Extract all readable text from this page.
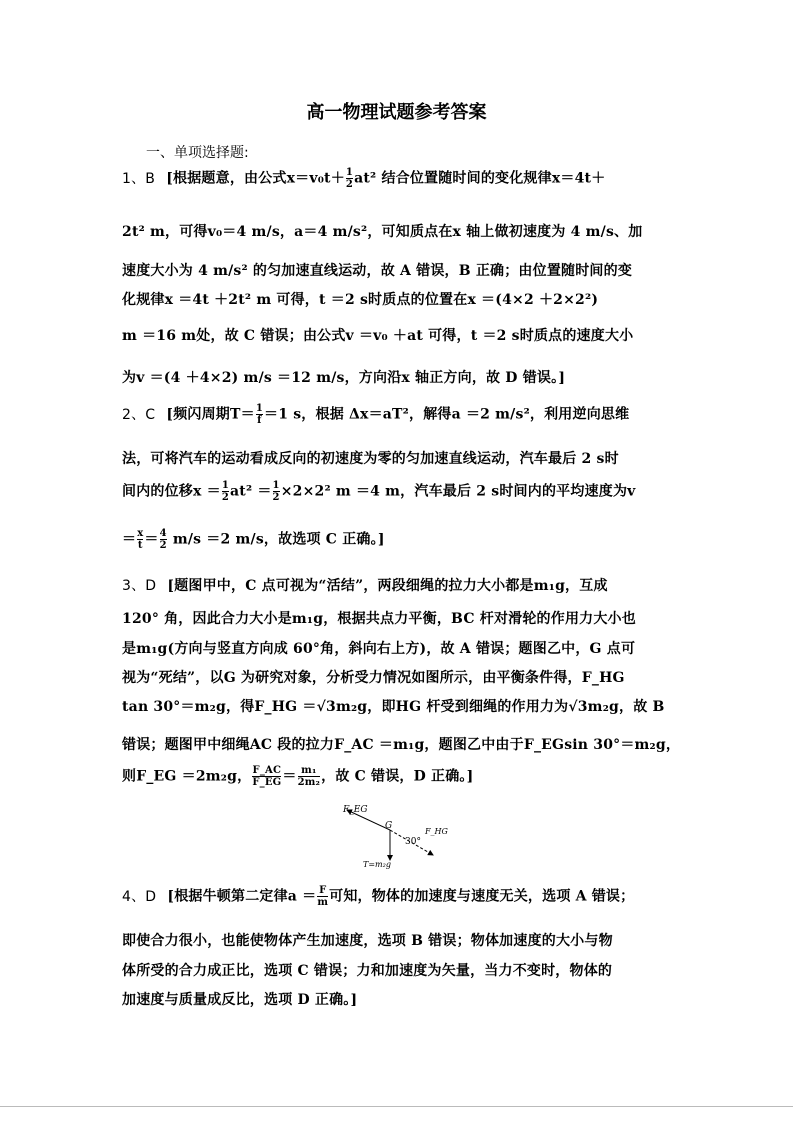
高一物理试题参考答案
一、单项选择题:
1、B [根据题意，由公式$x=v_0t+ \frac{1}{2} at^2$ 结合位置随时间的变化规律x＝4t＋
2t² m，可得v₀＝4 m/s，a＝4 m/s²，可知质点在x 轴上做初速度为 4 m/s、加
速度大小为 4 m/s² 的匀加速直线运动，故 A 错误，B 正确；由位置随时间的变
化规律x ＝4t ＋2t² m 可得，t ＝2 s时质点的位置在x ＝(4×2 ＋2×2²)
m ＝16 m处，故 C 错误；由公式v ＝v₀ ＋at 可得，t ＝2 s时质点的速度大小
为v ＝(4 ＋4×2) m/s ＝12 m/s，方向沿x 轴正方向，故 D 错误。]
2、C [频闪周期$T= \frac{1}{f} =1$ s，根据 Δx＝aT²，解得a ＝2 m/s²，利用逆向思维
法，可将汽车的运动看成反向的初速度为零的匀加速直线运动，汽车最后 2 s时
间内的位移$x = \frac{1}{2} at^2 = \frac{1}{2} \times 2\times 2^2$ m ＝4 m，汽车最后 2 s时间内的平均速度为v
＝ $\frac{x}{t} = \frac{4}{2} m/s =2$ m/s，故选项 C 正确。]
3、D [题图甲中，C 点可视为“活结”，两段细绳的拉力大小都是m₁g，互成
120° 角，因此合力大小是m₁g，根据共点力平衡，BC 杆对滑轮的作用力大小也
是m₁g(方向与竖直方向成 60°角，斜向右上方)，故 A 错误；题图乙中，G 点可
视为“死结”，以G 为研究对象，分析受力情况如图所示，由平衡条件得，F_HG
tan 30°＝m₂g，得F_HG ＝√3m₂g，即HG 杆受到细绳的作用力为√3m₂g，故 B
错误；题图甲中细绳AC 段的拉力F_AC ＝m₁g，题图乙中由于F_EGsin 30°＝m₂g，
则F_EG ＝2m₂g， $\frac{F\_AC}{F\_EG} = \frac{\text{m₁}}{\text{2m₂}}$ ，故 C 错误，D 正确。]
F_EG
G
30°
F_HG
T=m₂g
4、D [根据牛顿第二定律$a = \frac{F}{m}$ 可知，物体的加速度与速度无关，选项 A 错误；
即使合力很小，也能使物体产生加速度，选项 B 错误；物体加速度的大小与物
体所受的合力成正比，选项 C 错误；力和加速度为矢量，当力不变时，物体的
加速度与质量成反比，选项 D 正确。]
